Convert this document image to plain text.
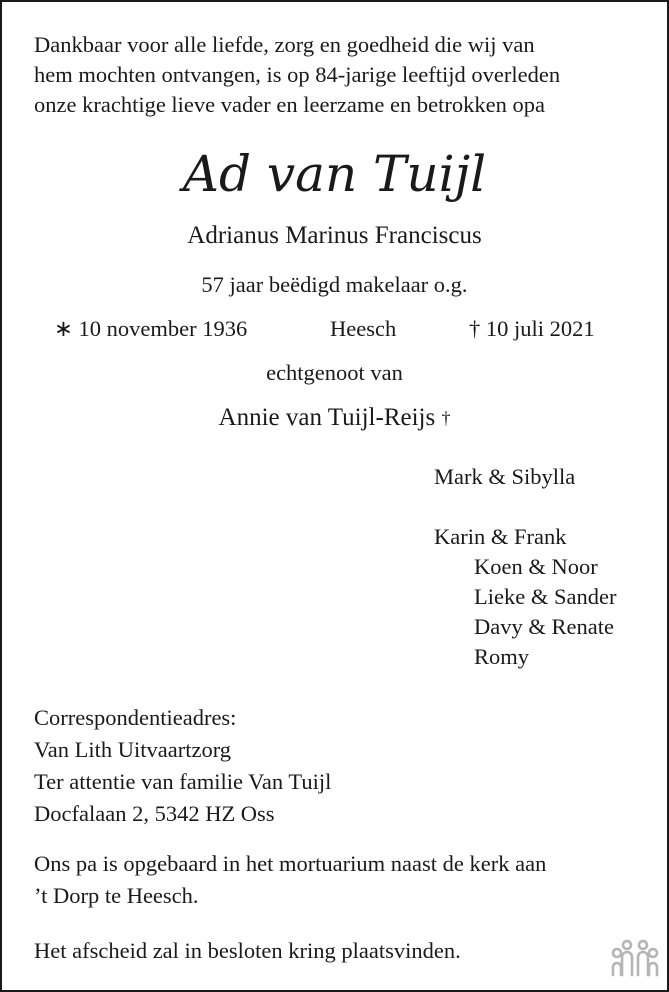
Dankbaar voor alle liefde, zorg en goedheid die wij van
hem mochten ontvangen, is op 84-jarige leeftijd overleden
onze krachtige lieve vader en leerzame en betrokken opa
Ad van Tuijl
Adrianus Marinus Franciscus
57 jaar beëdigd makelaar o.g.
∗ 10 november 1936	Heesch	† 10 juli 2021
echtgenoot van
Annie van Tuijl-Reijs †
Mark & Sibylla
Karin & Frank
Koen & Noor
Lieke & Sander
Davy & Renate
Romy
Correspondentieadres:
Van Lith Uitvaartzorg
Ter attentie van familie Van Tuijl
Docfalaan 2, 5342 HZ Oss
Ons pa is opgebaard in het mortuarium naast de kerk aan
’t Dorp te Heesch.
Het afscheid zal in besloten kring plaatsvinden.
